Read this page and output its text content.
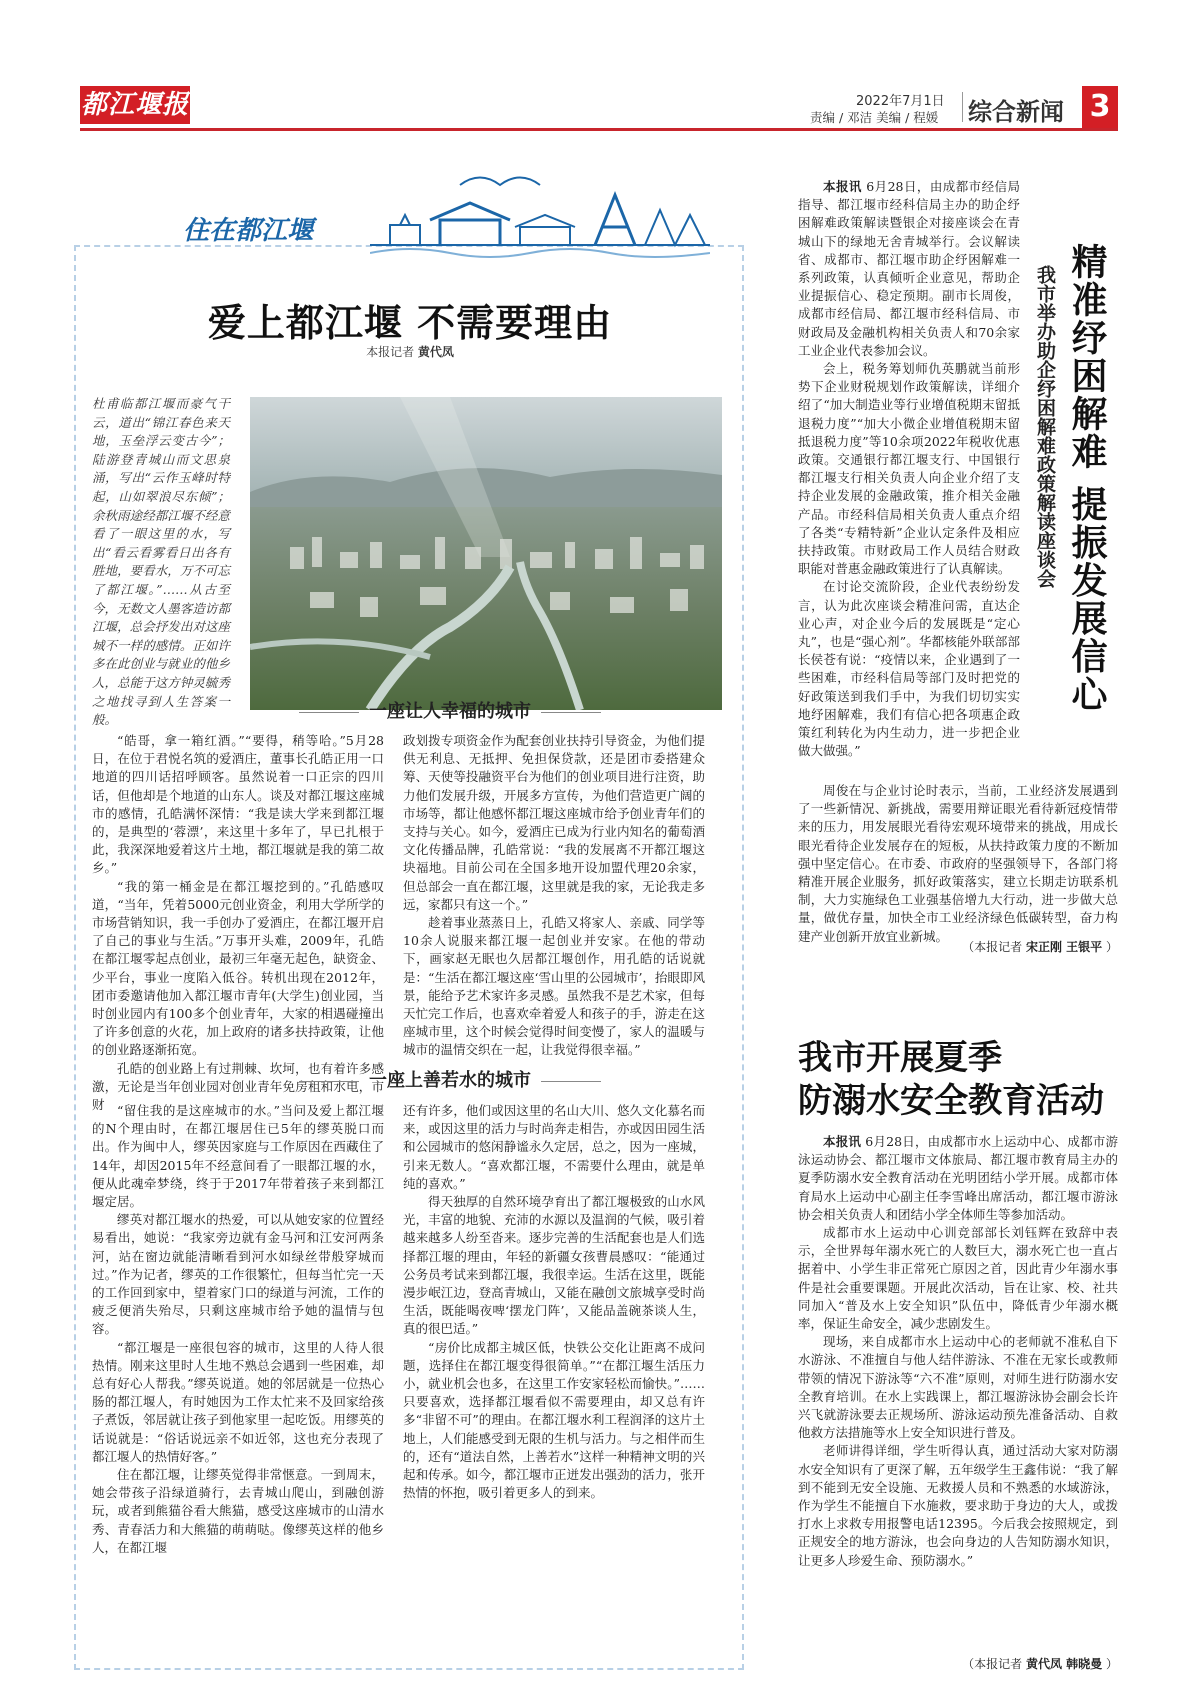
都江堰报	2022年7月1日
责编 / 邓洁 美编 / 程媛 综合新闻 3
住在都江堰
爱上都江堰 不需要理由
本报记者 黄代凤
杜甫临都江堰而豪气干云，道出“锦江春色来天地，玉垒浮云变古今”；陆游登青城山而文思泉涌，写出“云作玉峰时特起，山如翠浪尽东倾”；余秋雨途经都江堰不经意看了一眼这里的水，写出“看云看雾看日出各有胜地，要看水，万不可忘了都江堰。”……从古至今，无数文人墨客造访都江堰，总会抒发出对这座城不一样的感情。正如许多在此创业与就业的他乡人，总能于这方钟灵毓秀之地找寻到人生答案一般。	一座让人幸福的城市

“皓哥，拿一箱红酒。”“要得，稍等哈。”5月28日，在位于君悦名筑的爱酒庄，董事长孔皓正用一口地道的四川话招呼顾客。虽然说着一口正宗的四川话，但他却是个地道的山东人。谈及对都江堰这座城市的感情，孔皓满怀深情：“我是读大学来到都江堰的，是典型的‘蓉漂’，来这里十多年了，早已扎根于此，我深深地爱着这片土地，都江堰就是我的第二故乡。”

“我的第一桶金是在都江堰挖到的。”孔皓感叹道，“当年，凭着5000元创业资金，利用大学所学的市场营销知识，我一手创办了爱酒庄，在都江堰开启了自己的事业与生活。”万事开头难，2009年，孔皓在都江堰零起点创业，最初三年毫无起色，缺资金、少平台，事业一度陷入低谷。转机出现在2012年，团市委邀请他加入都江堰市青年(大学生)创业园，当时创业园内有100多个创业青年，大家的相遇碰撞出了许多创意的火花，加上政府的诸多扶持政策，让他的创业路逐渐拓宽。

孔皓的创业路上有过荆棘、坎坷，也有着许多感激，无论是当年创业园对创业青年免房租和水电，市财

政划拨专项资金作为配套创业扶持引导资金，为他们提供无利息、无抵押、免担保贷款，还是团市委搭建众筹、天使等投融资平台为他们的创业项目进行注资，助力他们发展升级，开展多方宣传，为他们营造更广阔的市场等，都让他感怀都江堰这座城市给予创业青年们的支持与关心。如今，爱酒庄已成为行业内知名的葡萄酒文化传播品牌，孔皓常说：“我的发展离不开都江堰这块福地。目前公司在全国多地开设加盟代理20余家，但总部会一直在都江堰，这里就是我的家，无论我走多远，家都只有这一个。”

趁着事业蒸蒸日上，孔皓又将家人、亲戚、同学等10余人说服来都江堰一起创业并安家。在他的带动下，画家赵无眠也久居都江堰创作，用孔皓的话说就是：“生活在都江堰这座‘雪山里的公园城市’，抬眼即风景，能给予艺术家许多灵感。虽然我不是艺术家，但每天忙完工作后，也喜欢牵着爱人和孩子的手，游走在这座城市里，这个时候会觉得时间变慢了，家人的温暖与城市的温情交织在一起，让我觉得很幸福。”

一座上善若水的城市

“留住我的是这座城市的水。”当问及爱上都江堰的N个理由时，在都江堰居住已5年的缪英脱口而出。作为闽中人，缪英因家庭与工作原因在西藏住了14年，却因2015年不经意间看了一眼都江堰的水，便从此魂牵梦绕，终于于2017年带着孩子来到都江堰定居。

缪英对都江堰水的热爱，可以从她安家的位置经易看出，她说：“我家旁边就有金马河和江安河两条河，站在窗边就能清晰看到河水如绿丝带般穿城而过。”作为记者，缪英的工作很繁忙，但每当忙完一天的工作回到家中，望着家门口的绿道与河流，工作的疲乏便消失殆尽，只剩这座城市给予她的温情与包容。

“都江堰是一座很包容的城市，这里的人待人很热情。刚来这里时人生地不熟总会遇到一些困难，却总有好心人帮我。”缪英说道。她的邻居就是一位热心肠的都江堰人，有时她因为工作太忙来不及回家给孩子煮饭，邻居就让孩子到他家里一起吃饭。用缪英的话说就是：“俗话说远亲不如近邻，这也充分表现了都江堰人的热情好客。”

住在都江堰，让缪英觉得非常惬意。一到周末，她会带孩子沿绿道骑行，去青城山爬山，到融创游玩，或者到熊猫谷看大熊猫，感受这座城市的山清水秀、青春活力和大熊猫的萌萌哒。像缪英这样的他乡人，在都江堰

还有许多，他们或因这里的名山大川、悠久文化慕名而来，或因这里的活力与时尚奔走相告，亦或因田园生活和公园城市的悠闲静谧永久定居，总之，因为一座城，引来无数人。“喜欢都江堰，不需要什么理由，就是单纯的喜欢。”

得天独厚的自然环境孕育出了都江堰极致的山水风光，丰富的地貌、充沛的水源以及温润的气候，吸引着越来越多人纷至沓来。逐步完善的生活配套也是人们选择都江堰的理由，年轻的新疆女孩曹晨感叹：“能通过公务员考试来到都江堰，我很幸运。生活在这里，既能漫步岷江边，登高青城山，又能在融创文旅城享受时尚生活，既能喝夜啤‘摆龙门阵’，又能品盖碗茶谈人生，真的很巴适。”

“房价比成都主城区低，快铁公交化让距离不成问题，选择住在都江堰变得很简单。”“在都江堰生活压力小，就业机会也多，在这里工作安家轻松而愉快。”……只要喜欢，选择都江堰看似不需要理由，却又总有许多“非留不可”的理由。在都江堰水利工程润泽的这片土地上，人们能感受到无限的生机与活力。与之相伴而生的，还有“道法自然，上善若水”这样一种精神文明的兴起和传承。如今，都江堰市正迸发出强劲的活力，张开热情的怀抱，吸引着更多人的到来。

精准纾困解难 提振发展信心
我市举办助企纾困解难政策解读座谈会

本报讯 6月28日，由成都市经信局指导、都江堰市经科信局主办的助企纾困解难政策解读暨银企对接座谈会在青城山下的绿地无舍青城举行。会议解读省、成都市、都江堰市助企纾困解难一系列政策，认真倾听企业意见，帮助企业提振信心、稳定预期。副市长周俊，成都市经信局、都江堰市经科信局、市财政局及金融机构相关负责人和70余家工业企业代表参加会议。

会上，税务筹划师仇英鹏就当前形势下企业财税规划作政策解读，详细介绍了“加大制造业等行业增值税期末留抵退税力度”“加大小微企业增值税期末留抵退税力度”等10余项2022年税收优惠政策。交通银行都江堰支行、中国银行都江堰支行相关负责人向企业介绍了支持企业发展的金融政策，推介相关金融产品。市经科信局相关负责人重点介绍了各类“专精特新”企业认定条件及相应扶持政策。市财政局工作人员结合财政职能对普惠金融政策进行了认真解读。

在讨论交流阶段，企业代表纷纷发言，认为此次座谈会精准问需，直达企业心声，对企业今后的发展既是“定心丸”，也是“强心剂”。华都核能外联部部长侯苍有说：“疫情以来，企业遇到了一些困难，市经科信局等部门及时把党的好政策送到我们手中，为我们切切实实地纾困解难，我们有信心把各项惠企政策红利转化为内生动力，进一步把企业做大做强。”

周俊在与企业讨论时表示，当前，工业经济发展遇到了一些新情况、新挑战，需要用辩证眼光看待新冠疫情带来的压力，用发展眼光看待宏观环境带来的挑战，用成长眼光看待企业发展存在的短板，从扶持政策力度的不断加强中坚定信心。在市委、市政府的坚强领导下，各部门将精准开展企业服务，抓好政策落实，建立长期走访联系机制，大力实施绿色工业强基倍增九大行动，进一步做大总量，做优存量，加快全市工业经济绿色低碳转型，奋力构建产业创新开放宜业新城。

（本报记者 宋正刚 王银平 ）
我市开展夏季
防溺水安全教育活动

本报讯 6月28日，由成都市水上运动中心、成都市游泳运动协会、都江堰市文体旅局、都江堰市教育局主办的夏季防溺水安全教育活动在光明团结小学开展。成都市体育局水上运动中心副主任李雪峰出席活动，都江堰市游泳协会相关负责人和团结小学全体师生等参加活动。

成都市水上运动中心训竞部部长刘钰辉在致辞中表示，全世界每年溺水死亡的人数巨大，溺水死亡也一直占据着中、小学生非正常死亡原因之首，因此青少年溺水事件是社会重要课题。开展此次活动，旨在让家、校、社共同加入“普及水上安全知识”队伍中，降低青少年溺水概率，保证生命安全，减少悲剧发生。

现场，来自成都市水上运动中心的老师就不准私自下水游泳、不准擅自与他人结伴游泳、不准在无家长或教师带领的情况下游泳等“六不准”原则，对师生进行防溺水安全教育培训。在水上实践课上，都江堰游泳协会副会长许兴飞就游泳要去正规场所、游泳运动预先准备活动、自救他救方法措施等水上安全知识进行普及。

老师讲得详细，学生听得认真，通过活动大家对防溺水安全知识有了更深了解，五年级学生王鑫伟说：“我了解到不能到无安全设施、无救援人员和不熟悉的水域游泳，作为学生不能擅自下水施救，要求助于身边的大人，或拨打水上求救专用报警电话12395。今后我会按照规定，到正规安全的地方游泳，也会向身边的人告知防溺水知识，让更多人珍爱生命、预防溺水。”

（本报记者 黄代凤 韩晓曼 ）
